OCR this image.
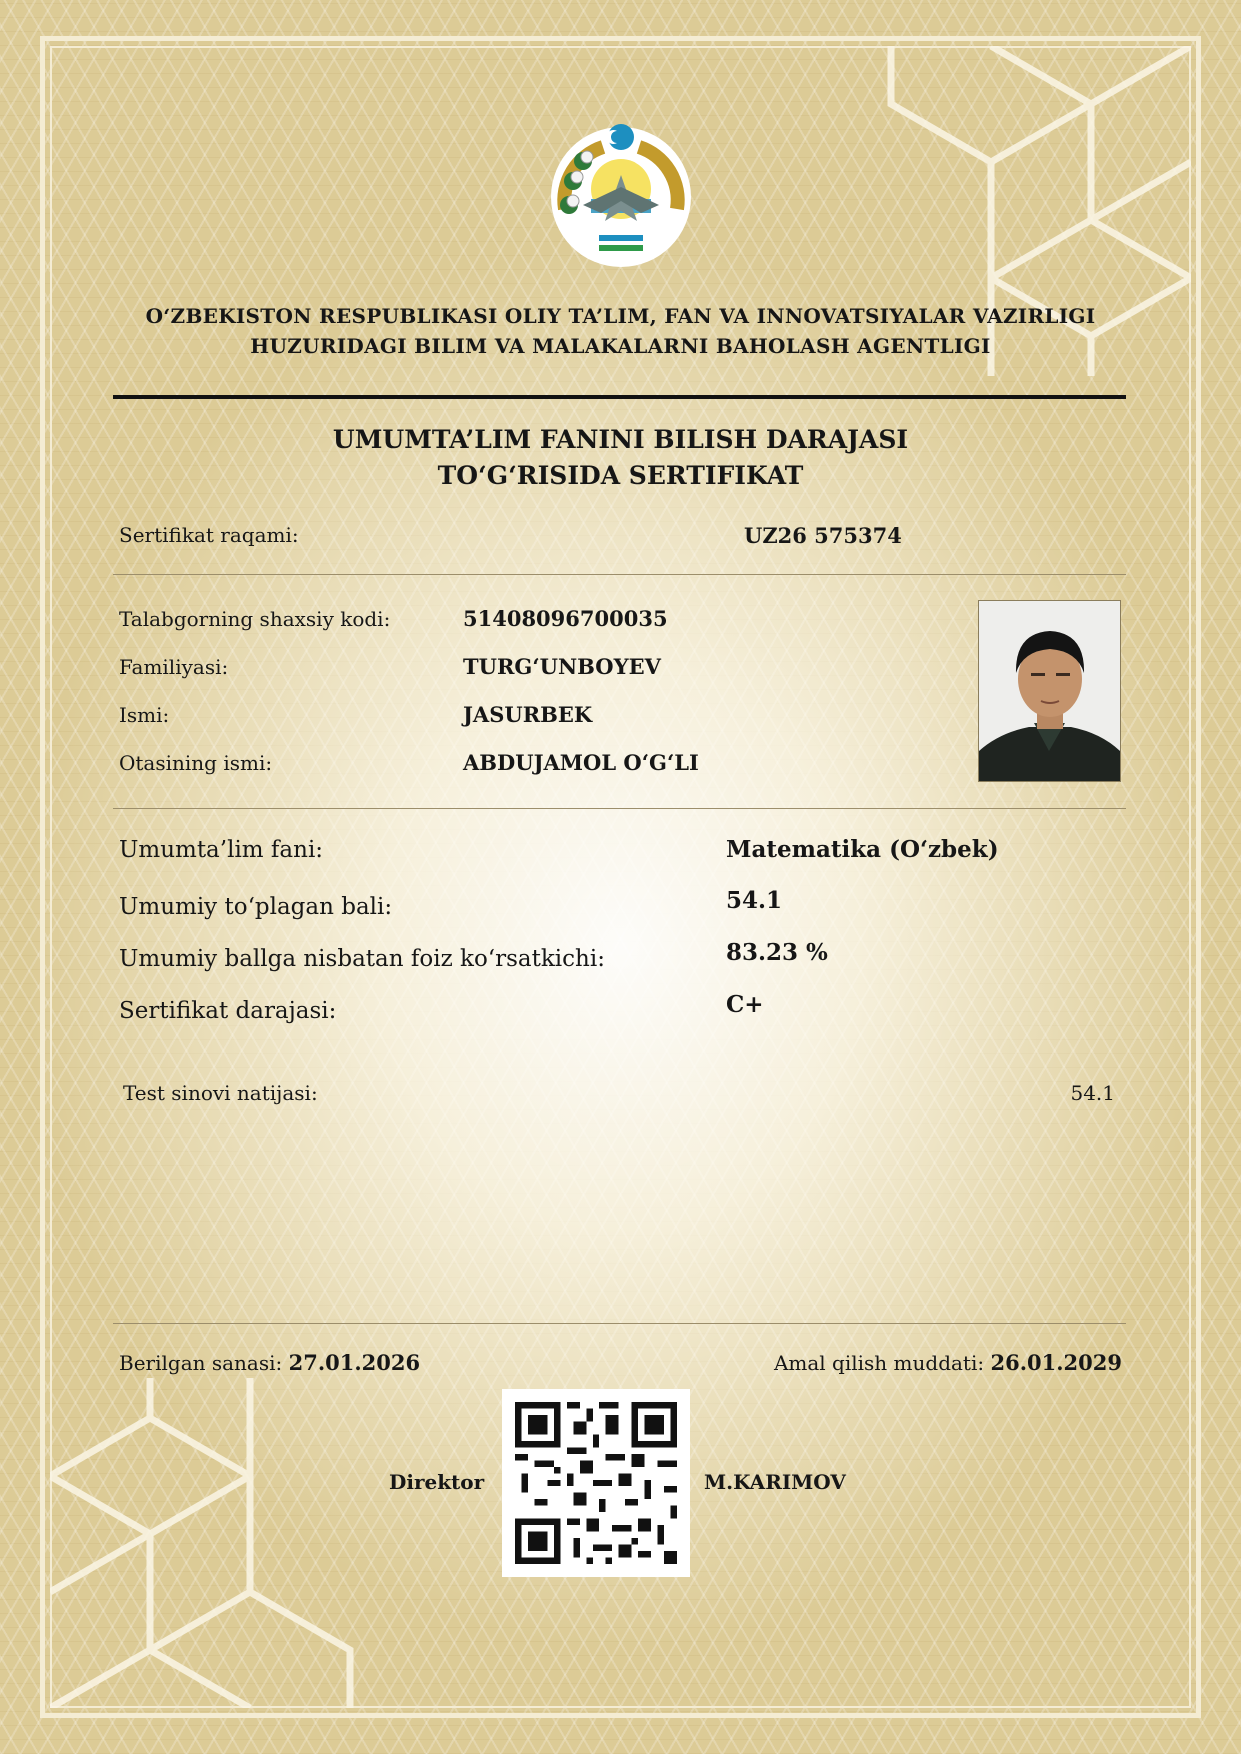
O‘ZBEKISTON RESPUBLIKASI OLIY TA’LIM, FAN VA INNOVATSIYALAR VAZIRLIGI
HUZURIDAGI BILIM VA MALAKALARNI BAHOLASH AGENTLIGI
UMUMTA’LIM FANINI BILISH DARAJASI
TO‘G‘RISIDA SERTIFIKAT
Sertifikat raqami:	UZ26 575374
Talabgorning shaxsiy kodi:	51408096700035
Familiyasi:	TURG‘UNBOYEV
Ismi:	JASURBEK
Otasining ismi:	ABDUJAMOL O‘G‘LI
Umumta’lim fani:	Matematika (O‘zbek)
Umumiy to‘plagan bali:	54.1
Umumiy ballga nisbatan foiz ko‘rsatkichi:	83.23 %
Sertifikat darajasi:	C+
Test sinovi natijasi:	54.1
Berilgan sanasi: 27.01.2026	Amal qilish muddati: 26.01.2029
Direktor	M.KARIMOV
